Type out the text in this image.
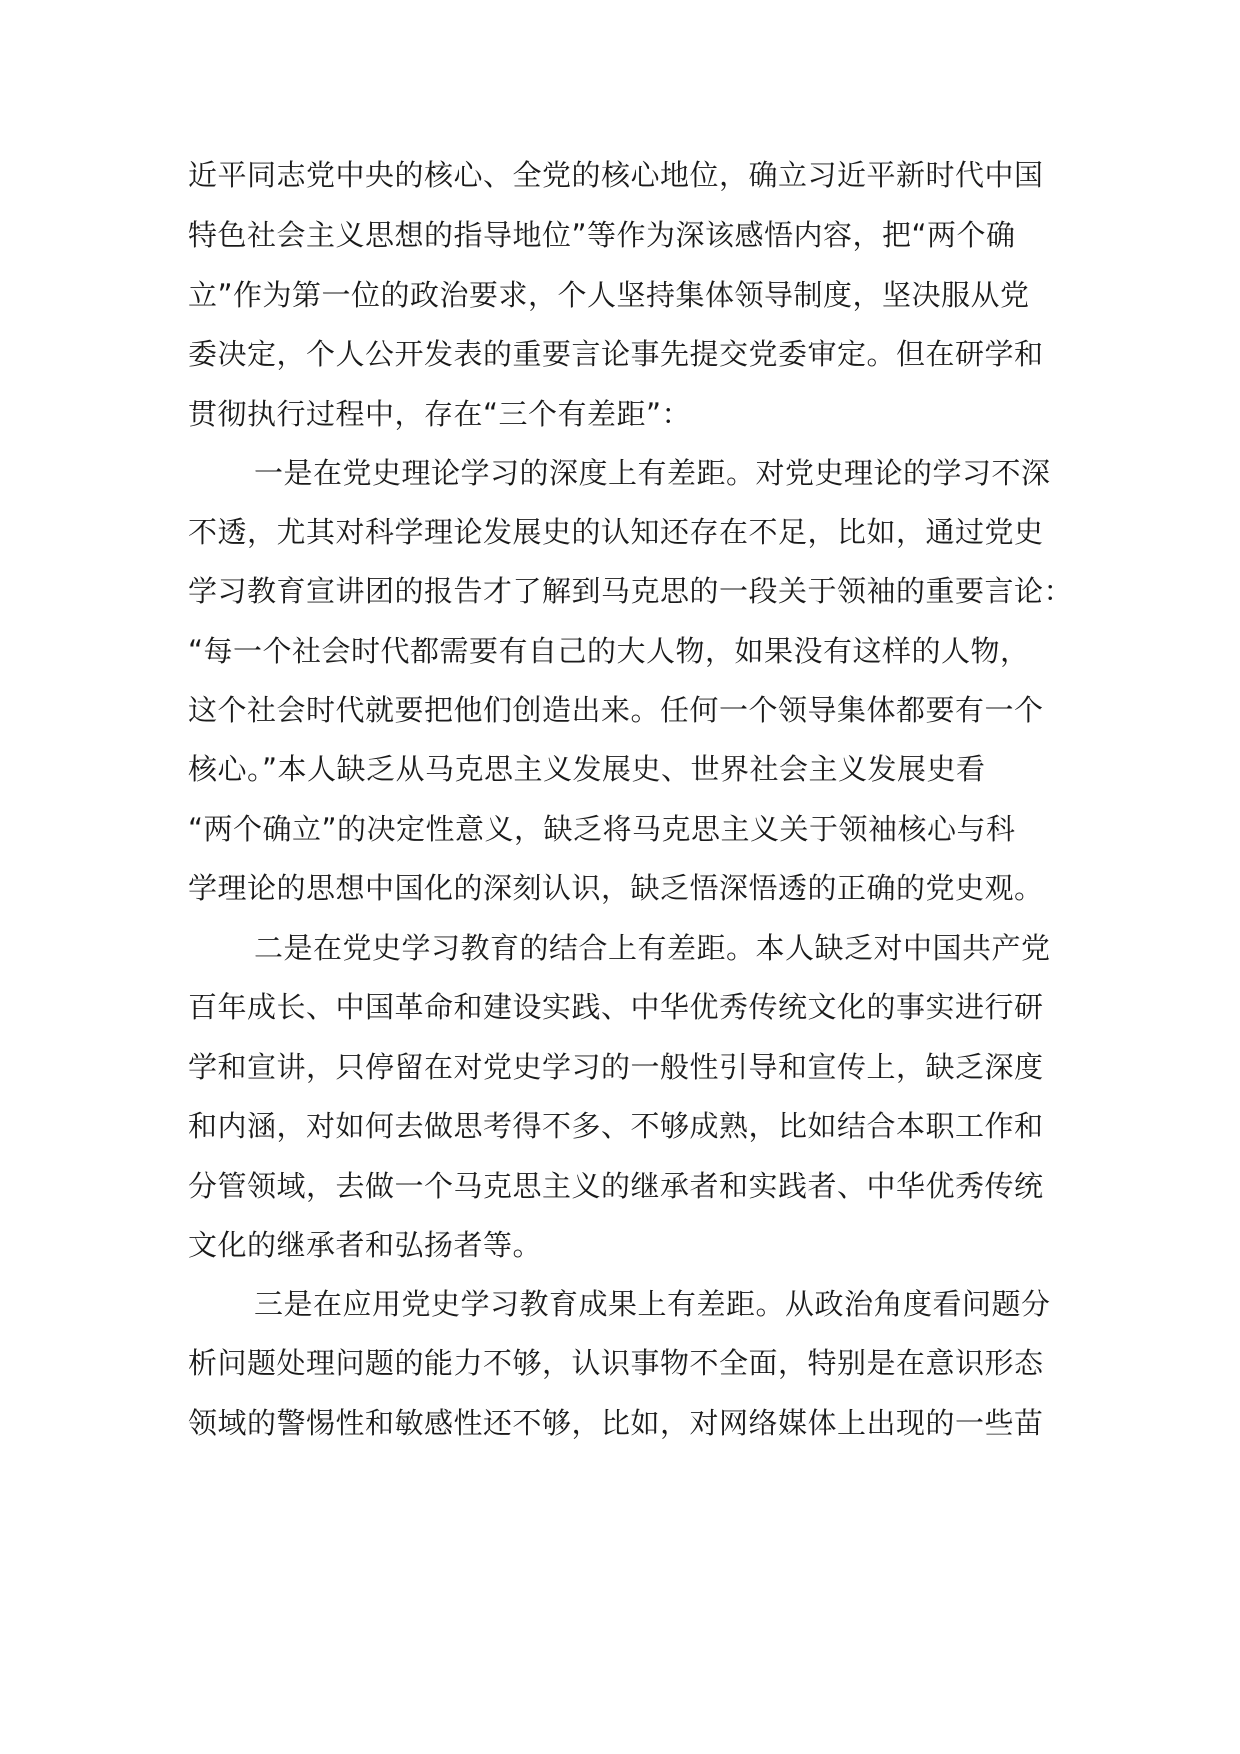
近平同志党中央的核心、全党的核心地位，确立习近平新时代中国
特色社会主义思想的指导地位”等作为深该感悟内容，把“两个确
立”作为第一位的政治要求，个人坚持集体领导制度，坚决服从党
委决定，个人公开发表的重要言论事先提交党委审定。但在研学和
贯彻执行过程中，存在“三个有差距”：
一是在党史理论学习的深度上有差距。对党史理论的学习不深
不透，尤其对科学理论发展史的认知还存在不足，比如，通过党史
学习教育宣讲团的报告才了解到马克思的一段关于领袖的重要言论：
“每一个社会时代都需要有自己的大人物，如果没有这样的人物，
这个社会时代就要把他们创造出来。任何一个领导集体都要有一个
核心。”本人缺乏从马克思主义发展史、世界社会主义发展史看
“两个确立”的决定性意义，缺乏将马克思主义关于领袖核心与科
学理论的思想中国化的深刻认识，缺乏悟深悟透的正确的党史观。
二是在党史学习教育的结合上有差距。本人缺乏对中国共产党
百年成长、中国革命和建设实践、中华优秀传统文化的事实进行研
学和宣讲，只停留在对党史学习的一般性引导和宣传上，缺乏深度
和内涵，对如何去做思考得不多、不够成熟，比如结合本职工作和
分管领域，去做一个马克思主义的继承者和实践者、中华优秀传统
文化的继承者和弘扬者等。
三是在应用党史学习教育成果上有差距。从政治角度看问题分
析问题处理问题的能力不够，认识事物不全面，特别是在意识形态
领域的警惕性和敏感性还不够，比如，对网络媒体上出现的一些苗
